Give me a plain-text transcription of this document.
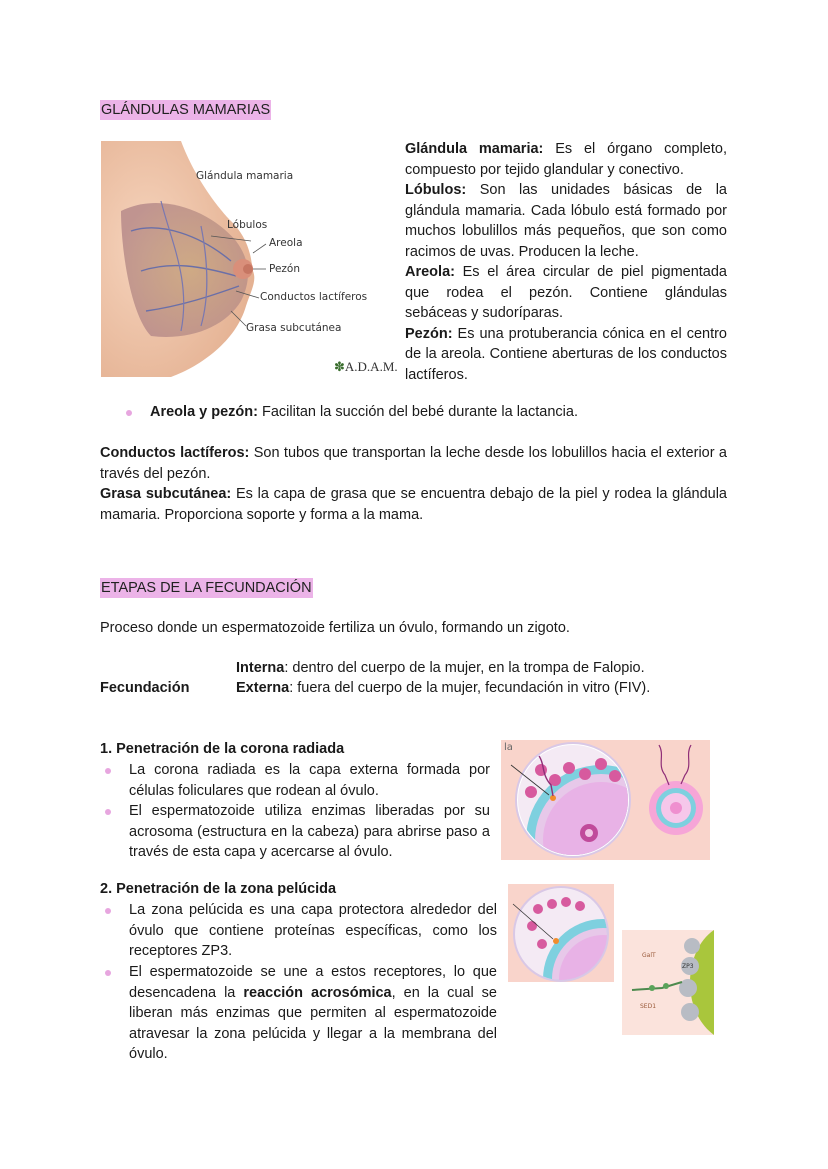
GLÁNDULAS MAMARIAS
Glándula mamaria
Lóbulos
Areola
Pezón
Conductos lactíferos
Grasa subcutánea
✽A.D.A.M.
Glándula mamaria: Es el órgano completo, compuesto por tejido glandular y conectivo.
Lóbulos: Son las unidades básicas de la glándula mamaria. Cada lóbulo está formado por muchos lobulillos más pequeños, que son como racimos de uvas. Producen la leche.
Areola: Es el área circular de piel pigmentada que rodea el pezón. Contiene glándulas sebáceas y sudoríparas.
Pezón: Es una protuberancia cónica en el centro de la areola. Contiene aberturas de los conductos lactíferos.
Areola y pezón: Facilitan la succión del bebé durante la lactancia.
Conductos lactíferos: Son tubos que transportan la leche desde los lobulillos hacia el exterior a través del pezón.
Grasa subcutánea: Es la capa de grasa que se encuentra debajo de la piel y rodea la glándula mamaria. Proporciona soporte y forma a la mama.
ETAPAS DE LA FECUNDACIÓN
Proceso donde un espermatozoide fertiliza un óvulo, formando un zigoto.
Interna: dentro del cuerpo de la mujer, en la trompa de Falopio.
Fecundación	Externa: fuera del cuerpo de la mujer, fecundación in vitro (FIV).
1. Penetración de la corona radiada
La corona radiada es la capa externa formada por células foliculares que rodean al óvulo.
El espermatozoide utiliza enzimas liberadas por su acrosoma (estructura en la cabeza) para abrirse paso a través de esta capa y acercarse al óvulo.
la
2. Penetración de la zona pelúcida
La zona pelúcida es una capa protectora alrededor del óvulo que contiene proteínas específicas, como los receptores ZP3.
El espermatozoide se une a estos receptores, lo que desencadena la reacción acrosómica, en la cual se liberan más enzimas que permiten al espermatozoide atravesar la zona pelúcida y llegar a la membrana del óvulo.
GalT
ZP3
SED1
